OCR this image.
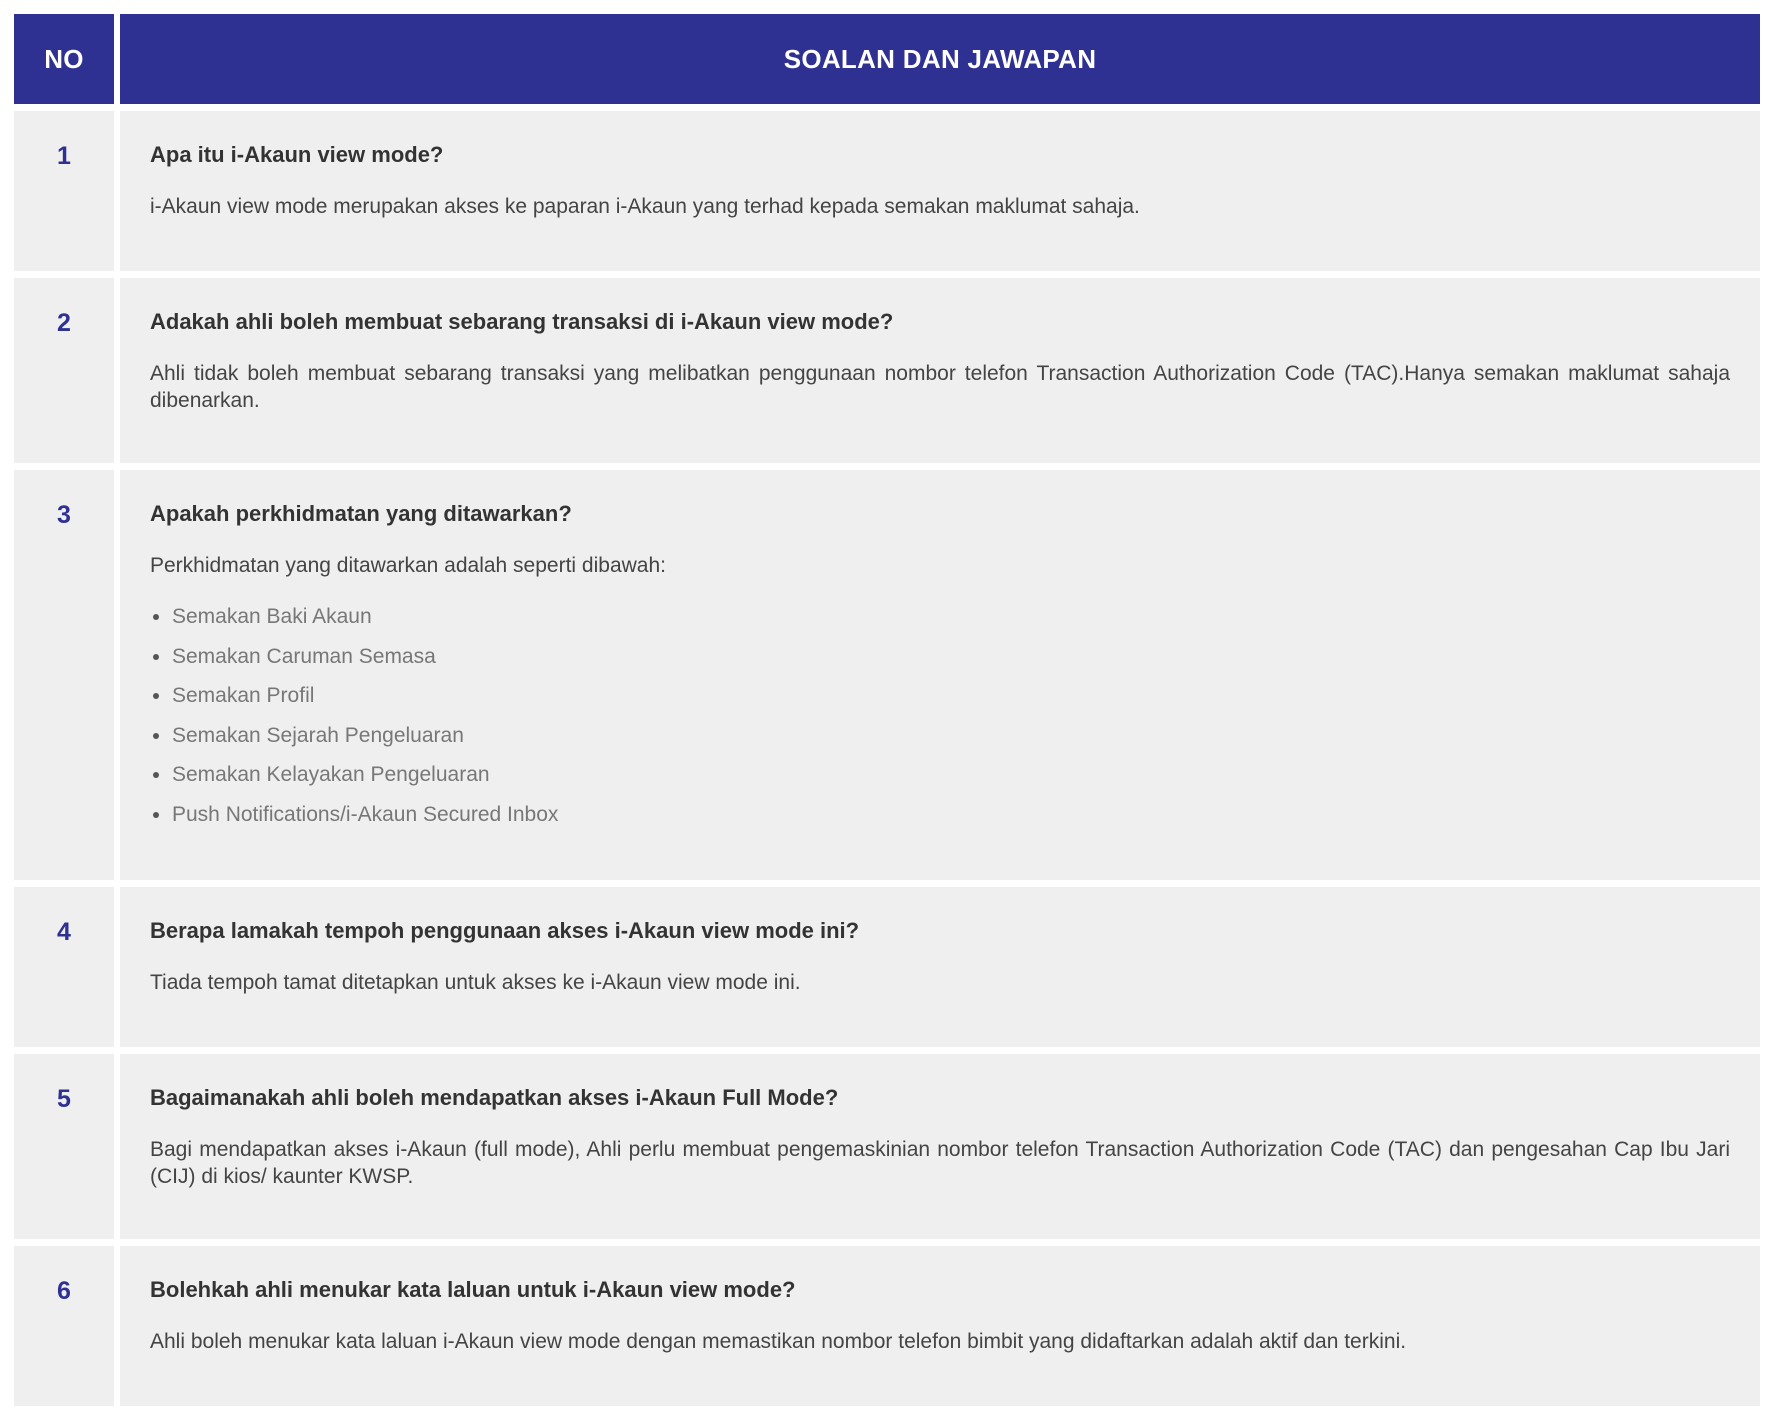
NO	SOALAN DAN JAWAPAN
1	Apa itu i-Akaun view mode?

i-Akaun view mode merupakan akses ke paparan i-Akaun yang terhad kepada semakan maklumat sahaja.

2	Adakah ahli boleh membuat sebarang transaksi di i-Akaun view mode?

Ahli tidak boleh membuat sebarang transaksi yang melibatkan penggunaan nombor telefon Transaction Authorization Code (TAC).Hanya semakan maklumat sahaja dibenarkan.

3	Apakah perkhidmatan yang ditawarkan?

Perkhidmatan yang ditawarkan adalah seperti dibawah:

• Semakan Baki Akaun
• Semakan Caruman Semasa
• Semakan Profil
• Semakan Sejarah Pengeluaran
• Semakan Kelayakan Pengeluaran
• Push Notifications/i-Akaun Secured Inbox
4	Berapa lamakah tempoh penggunaan akses i-Akaun view mode ini?

Tiada tempoh tamat ditetapkan untuk akses ke i-Akaun view mode ini.

5	Bagaimanakah ahli boleh mendapatkan akses i-Akaun Full Mode?

Bagi mendapatkan akses i-Akaun (full mode), Ahli perlu membuat pengemaskinian nombor telefon Transaction Authorization Code (TAC) dan pengesahan Cap Ibu Jari (CIJ) di kios/ kaunter KWSP.

6	Bolehkah ahli menukar kata laluan untuk i-Akaun view mode?

Ahli boleh menukar kata laluan i-Akaun view mode dengan memastikan nombor telefon bimbit yang didaftarkan adalah aktif dan terkini.
